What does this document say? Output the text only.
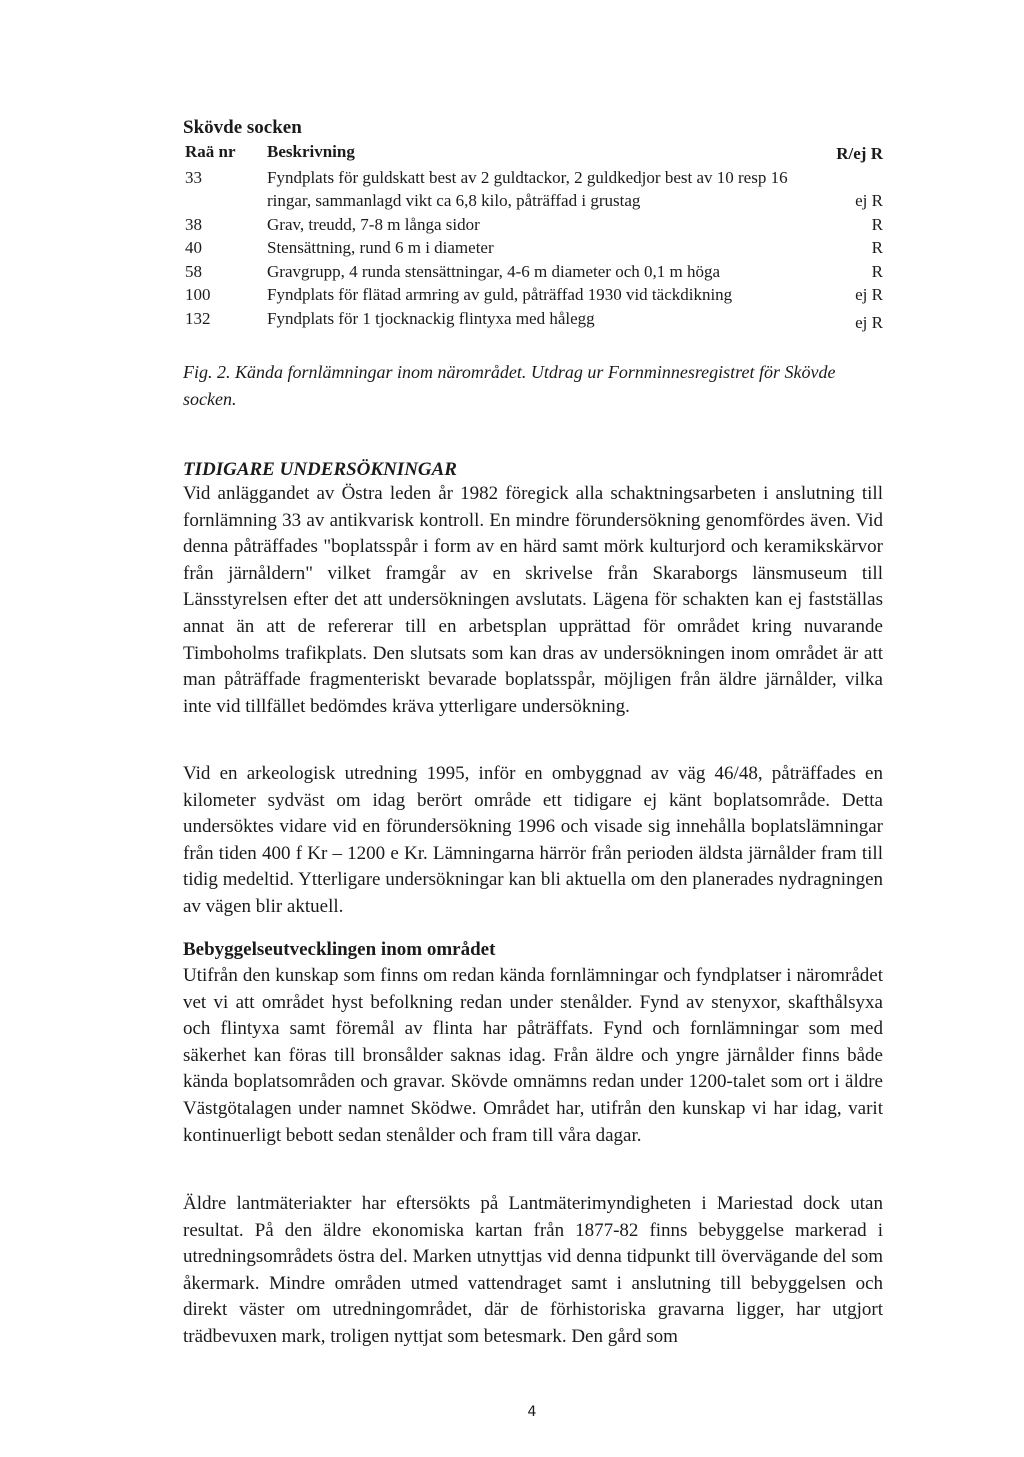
Skövde socken
Raä nr	Beskrivning	R/ej R
33	Fyndplats för guldskatt best av 2 guldtackor, 2 guldkedjor best av 10 resp 16 ringar, sammanlagd vikt ca 6,8 kilo, påträffad i grustag	ej R
38	Grav, treudd, 7-8 m långa sidor	R
40	Stensättning, rund 6 m i diameter	R
58	Gravgrupp, 4 runda stensättningar, 4-6 m diameter och 0,1 m höga	R
100	Fyndplats för flätad armring av guld, påträffad 1930 vid täckdikning	ej R
132	Fyndplats för 1 tjocknackig flintyxa med hålegg	ej R

Fig. 2. Kända fornlämningar inom närområdet. Utdrag ur Fornminnesregistret för Skövde socken.

TIDIGARE UNDERSÖKNINGAR

Vid anläggandet av Östra leden år 1982 föregick alla schaktningsarbeten i anslutning till fornlämning 33 av antikvarisk kontroll. En mindre förundersökning genomfördes även. Vid denna påträffades "boplatsspår i form av en härd samt mörk kulturjord och keramikskärvor från järnåldern" vilket framgår av en skrivelse från Skaraborgs länsmuseum till Länsstyrelsen efter det att undersökningen avslutats. Lägena för schakten kan ej fastställas annat än att de refererar till en arbetsplan upprättad för området kring nuvarande Timboholms trafikplats. Den slutsats som kan dras av undersökningen inom området är att man påträffade fragmenteriskt bevarade boplatsspår, möjligen från äldre järnålder, vilka inte vid tillfället bedömdes kräva ytterligare undersökning.

Vid en arkeologisk utredning 1995, inför en ombyggnad av väg 46/48, påträffades en kilometer sydväst om idag berört område ett tidigare ej känt boplatsområde. Detta undersöktes vidare vid en förundersökning 1996 och visade sig innehålla boplatslämningar från tiden 400 f Kr – 1200 e Kr. Lämningarna härrör från perioden äldsta järnålder fram till tidig medeltid. Ytterligare undersökningar kan bli aktuella om den planerades nydragningen av vägen blir aktuell.

Bebyggelseutvecklingen inom området

Utifrån den kunskap som finns om redan kända fornlämningar och fyndplatser i närområdet vet vi att området hyst befolkning redan under stenålder. Fynd av stenyxor, skafthålsyxa och flintyxa samt föremål av flinta har påträffats. Fynd och fornlämningar som med säkerhet kan föras till bronsålder saknas idag. Från äldre och yngre järnålder finns både kända boplatsområden och gravar. Skövde omnämns redan under 1200-talet som ort i äldre Västgötalagen under namnet Sködwe. Området har, utifrån den kunskap vi har idag, varit kontinuerligt bebott sedan stenålder och fram till våra dagar.

Äldre lantmäteriakter har eftersökts på Lantmäterimyndigheten i Mariestad dock utan resultat. På den äldre ekonomiska kartan från 1877-82 finns bebyggelse markerad i utredningsområdets östra del. Marken utnyttjas vid denna tidpunkt till övervägande del som åkermark. Mindre områden utmed vattendraget samt i anslutning till bebyggelsen och direkt väster om utredningområdet, där de förhistoriska gravarna ligger, har utgjort trädbevuxen mark, troligen nyttjat som betesmark. Den gård som

4
